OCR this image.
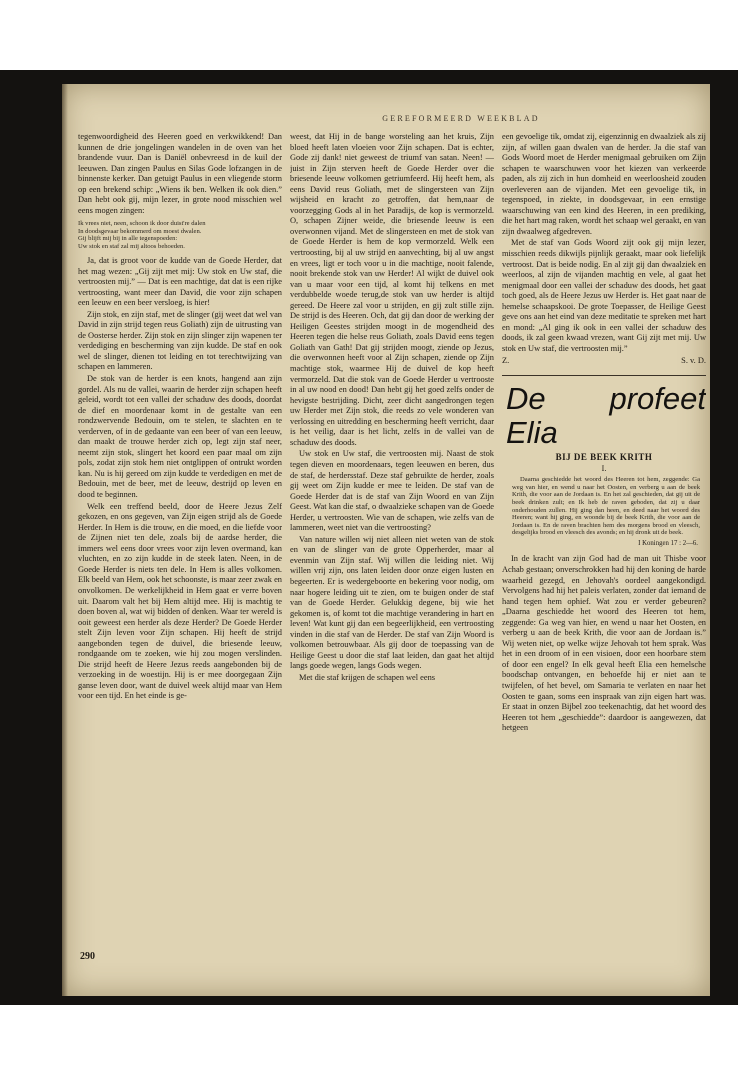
GEREFORMEERD WEEKBLAD

tegenwoordigheid des Heeren goed en verkwikkend! Dan kunnen de drie jongelingen wandelen in de oven van het brandende vuur. Dan is Daniël onbevreesd in de kuil der leeuwen. Dan zingen Paulus en Silas Gode lofzangen in de binnenste kerker. Dan getuigt Paulus in een vliegende storm op een brekend schip: „Wiens ik ben. Welken ik ook dien.” Dan hebt ook gij, mijn lezer, in grote nood misschien wel eens mogen zingen:

Ik vrees niet, neen, schoon ik door duist're dalen
In doodsgevaar bekommerd om moest dwalen.
Gij blijft mij bij in alle tegenspoeden:
Uw stok en staf zal mij altoos behoeden.

Ja, dat is groot voor de kudde van de Goede Herder, dat het mag wezen: „Gij zijt met mij: Uw stok en Uw staf, die vertroosten mij.” — Dat is een machtige, dat dat is een rijke vertroosting, want meer dan David, die voor zijn schapen een leeuw en een beer versloeg, is hier!

Zijn stok, en zijn staf, met de slinger (gij weet dat wel van David in zijn strijd tegen reus Goliath) zijn de uitrusting van de Oosterse herder. Zijn stok en zijn slinger zijn wapenen ter verdediging en bescherming van zijn kudde. De staf en ook wel de slinger, dienen tot leiding en tot terechtwijzing van schapen en lammeren.

De stok van de herder is een knots, hangend aan zijn gordel. Als nu de vallei, waarin de herder zijn schapen heeft geleid, wordt tot een vallei der schaduw des doods, doordat de dief en moordenaar komt in de gestalte van een rondzwervende Bedouin, om te stelen, te slachten en te verderven, of in de gedaante van een beer of van een leeuw, dan maakt de trouwe herder zich op, legt zijn staf neer, neemt zijn stok, slingert het koord een paar maal om zijn pols, zodat zijn stok hem niet ontglippen of ontrukt worden kan. Nu is hij gereed om zijn kudde te verdedigen en met de Bedouin, met de beer, met de leeuw, destrijd op leven en dood te beginnen.

Welk een treffend beeld, door de Heere Jezus Zelf gekozen, en ons gegeven, van Zijn eigen strijd als de Goede Herder. In Hem is die trouw, en die moed, en die liefde voor de Zijnen niet ten dele, zoals bij de aardse herder, die immers wel eens door vrees voor zijn leven overmand, kan vluchten, en zo zijn kudde in de steek laten. Neen, in de Goede Herder is niets ten dele. In Hem is alles volkomen. Elk beeld van Hem, ook het schoonste, is maar zeer zwak en onvolkomen. De werkelijkheid in Hem gaat er verre boven uit. Daarom valt het bij Hem altijd mee. Hij is machtig te doen boven al, wat wij bidden of denken. Waar ter wereld is ooit geweest een herder als deze Herder? De Goede Herder stelt Zijn leven voor Zijn schapen. Hij heeft de strijd aangebonden tegen de duivel, die briesende leeuw, rondgaande om te zoeken, wie hij zou mogen verslinden. Die strijd heeft de Heere Jezus reeds aangebonden bij de verzoeking in de woestijn. Hij is er mee doorgegaan Zijn ganse leven door, want de duivel week altijd maar van Hem voor een tijd. En het einde is ge-

weest, dat Hij in de bange worsteling aan het kruis, Zijn bloed heeft laten vloeien voor Zijn schapen. Dat is echter, Gode zij dank! niet geweest de triumf van satan. Neen! — juist in Zijn sterven heeft de Goede Herder over die briesende leeuw volkomen getriumfeerd. Hij heeft hem, als eens David reus Goliath, met de slingersteen van Zijn wijsheid en kracht zo getroffen, dat hem,naar de voorzegging Gods al in het Paradijs, de kop is vermorzeld. O, schapen Zijner weide, die briesende leeuw is een overwonnen vijand. Met de slingersteen en met de stok van de Goede Herder is hem de kop vermorzeld. Welk een vertroosting, bij al uw strijd en aanvechting, bij al uw angst en vrees, ligt er toch voor u in die machtige, nooit falende, nooit brekende stok van uw Herder! Al wijkt de duivel ook van u maar voor een tijd, al komt hij telkens en met verdubbelde woede terug,de stok van uw herder is altijd gereed. De Heere zal voor u strijden, en gij zult stille zijn. De strijd is des Heeren. Och, dat gij dan door de werking der Heiligen Geestes strijden moogt in de mogendheid des Heeren tegen die helse reus Goliath, zoals David eens tegen Goliath van Gath! Dat gij strijden moogt, ziende op Jezus, die overwonnen heeft voor al Zijn schapen, ziende op Zijn machtige stok, waarmee Hij de duivel de kop heeft vermorzeld. Dat die stok van de Goede Herder u vertrooste in al uw nood en dood! Dan hebt gij het goed zelfs onder de hevigste bestrijding. Dicht, zeer dicht aangedrongen tegen uw Herder met Zijn stok, die reeds zo vele wonderen van verlossing en uitredding en bescherming heeft verricht, daar is het veilig, daar is het licht, zelfs in de vallei van de schaduw des doods.

Uw stok en Uw staf, die vertroosten mij. Naast de stok tegen dieven en moordenaars, tegen leeuwen en beren, dus de staf, de herdersstaf. Deze staf gebruikte de herder, zoals gij weet om Zijn kudde er mee te leiden. De staf van de Goede Herder dat is de staf van Zijn Woord en van Zijn Geest. Wat kan die staf, o dwaalzieke schapen van de Goede Herder, u vertroosten. Wie van de schapen, wie zelfs van de lammeren, weet niet van die vertroosting?

Van nature willen wij niet alleen niet weten van de stok en van de slinger van de grote Opperherder, maar al evenmin van Zijn staf. Wij willen die leiding niet. Wij willen vrij zijn, ons laten leiden door onze eigen lusten en begeerten. Er is wedergeboorte en bekering voor nodig, om naar hogere leiding uit te zien, om te buigen onder de staf van de Goede Herder. Gelukkig degene, bij wie het gekomen is, of komt tot die machtige verandering in hart en leven! Wat kunt gij dan een begeerlijkheid, een vertroosting vinden in die staf van de Herder. De staf van Zijn Woord is volkomen betrouwbaar. Als gij door de toepassing van de Heilige Geest u door die staf laat leiden, dan gaat het altijd langs goede wegen, langs Gods wegen.

Met die staf krijgen de schapen wel eens

een gevoelige tik, omdat zij, eigenzinnig en dwaalziek als zij zijn, af willen gaan dwalen van de herder. Ja die staf van Gods Woord moet de Herder menigmaal gebruiken om Zijn schapen te waarschuwen voor het kiezen van verkeerde paden, als zij zich in hun domheid en weerloosheid zouden overleveren aan de vijanden. Met een gevoelige tik, in tegenspoed, in ziekte, in doodsgevaar, in een ernstige waarschuwing van een kind des Heeren, in een prediking, die het hart mag raken, wordt het schaap wel geraakt, en van zijn dwaalweg afgedreven.

Met de staf van Gods Woord zijt ook gij mijn lezer, misschien reeds dikwijls pijnlijk geraakt, maar ook liefelijk vertroost. Dat is beide nodig. En al zijt gij dan dwaalziek en weerloos, al zijn de vijanden machtig en vele, al gaat het menigmaal door een vallei der schaduw des doods, het gaat toch goed, als de Heere Jezus uw Herder is. Het gaat naar de hemelse schaapskooi. De grote Toepasser, de Heilige Geest geve ons aan het eind van deze meditatie te spreken met hart en mond: „Al ging ik ook in een vallei der schaduw des doods, ik zal geen kwaad vrezen, want Gij zijt met mij. Uw stok en Uw staf, die vertroosten mij.”

Z.	S. v. D.
De profeet Elia
BIJ DE BEEK KRITH
I.

Daarna geschiedde het woord des Heeren tot hem, zeggende: Ga weg van hier, en wend u naar het Oosten, en verberg u aan de beek Krith, die voor aan de Jordaan is. En het zal geschieden, dat gij uit de beek drinken zult; en Ik heb de raven geboden, dat zij u daar onderhouden zullen. Hij ging dan heen, en deed naar het woord des Heeren; want hij ging, en woonde bij de beek Krith, die voor aan de Jordaan is. En de raven brachten hem des morgens brood en vleesch, desgelijks brood en vleesch des avonds; en hij dronk uit de beek.

I Koningen 17 : 2—6.

In de kracht van zijn God had de man uit Thisbe voor Achab gestaan; onverschrokken had hij den koning de harde waarheid gezegd, en Jehovah's oordeel aangekondigd. Vervolgens had hij het paleis verlaten, zonder dat iemand de hand tegen hem ophief. Wat zou er verder gebeuren? „Daarna geschiedde het woord des Heeren tot hem, zeggende: Ga weg van hier, en wend u naar het Oosten, en verberg u aan de beek Krith, die voor aan de Jordaan is.” Wij weten niet, op welke wijze Jehovah tot hem sprak. Was het in een droom of in een visioen, door een hoorbare stem of door een engel? In elk geval heeft Elia een hemelsche boodschap ontvangen, en behoefde hij er niet aan te twijfelen, of het bevel, om Samaria te verlaten en naar het Oosten te gaan, soms een inspraak van zijn eigen hart was. Er staat in onzen Bijbel zoo teekenachtig, dat het woord des Heeren tot hem „geschiedde”: daardoor is aangewezen, dat hetgeen

290
